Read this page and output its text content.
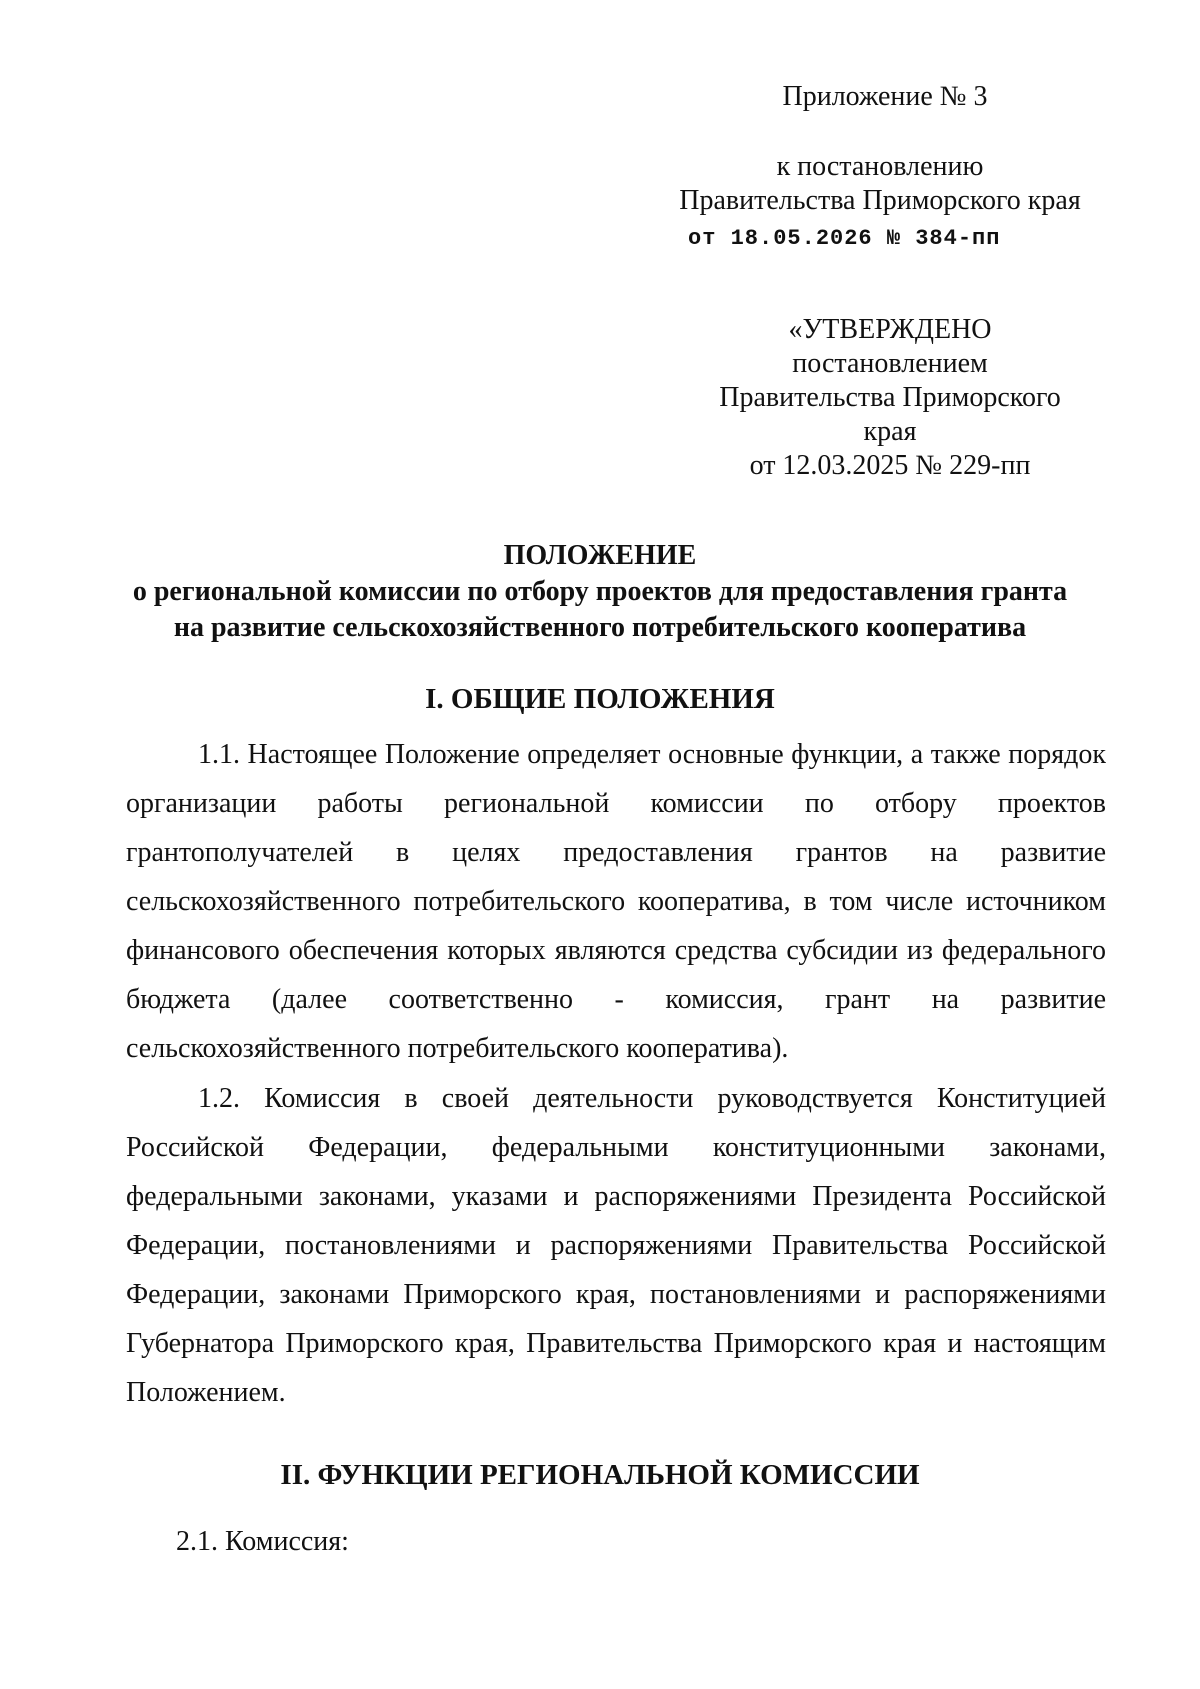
Приложение № 3
к постановлению
Правительства Приморского края
от 18.05.2026 № 384-пп
«УТВЕРЖДЕНО
постановлением
Правительства Приморского края
от 12.03.2025 № 229-пп
ПОЛОЖЕНИЕ
о региональной комиссии по отбору проектов для предоставления гранта
на развитие сельскохозяйственного потребительского кооператива
I. ОБЩИЕ ПОЛОЖЕНИЯ
1.1. Настоящее Положение определяет основные функции, а также порядок организации работы региональной комиссии по отбору проектов грантополучателей в целях предоставления грантов на развитие сельскохозяйственного потребительского кооператива, в том числе источником финансового обеспечения которых являются средства субсидии из федерального бюджета (далее соответственно - комиссия, грант на развитие сельскохозяйственного потребительского кооператива).
1.2. Комиссия в своей деятельности руководствуется Конституцией Российской Федерации, федеральными конституционными законами, федеральными законами, указами и распоряжениями Президента Российской Федерации, постановлениями и распоряжениями Правительства Российской Федерации, законами Приморского края, постановлениями и распоряжениями Губернатора Приморского края, Правительства Приморского края и настоящим Положением.
II. ФУНКЦИИ РЕГИОНАЛЬНОЙ КОМИССИИ
2.1. Комиссия:
